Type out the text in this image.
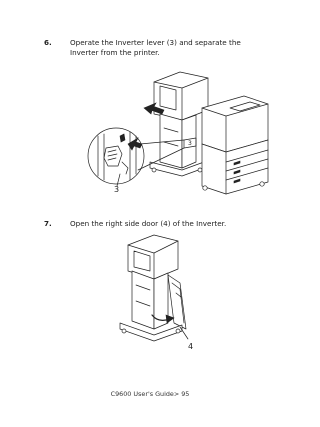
6.	Operate the Inverter lever (3) and separate the Inverter from the printer.
3
3
7.	Open the right side door (4) of the Inverter.
4
C9600 User's Guide> 95
